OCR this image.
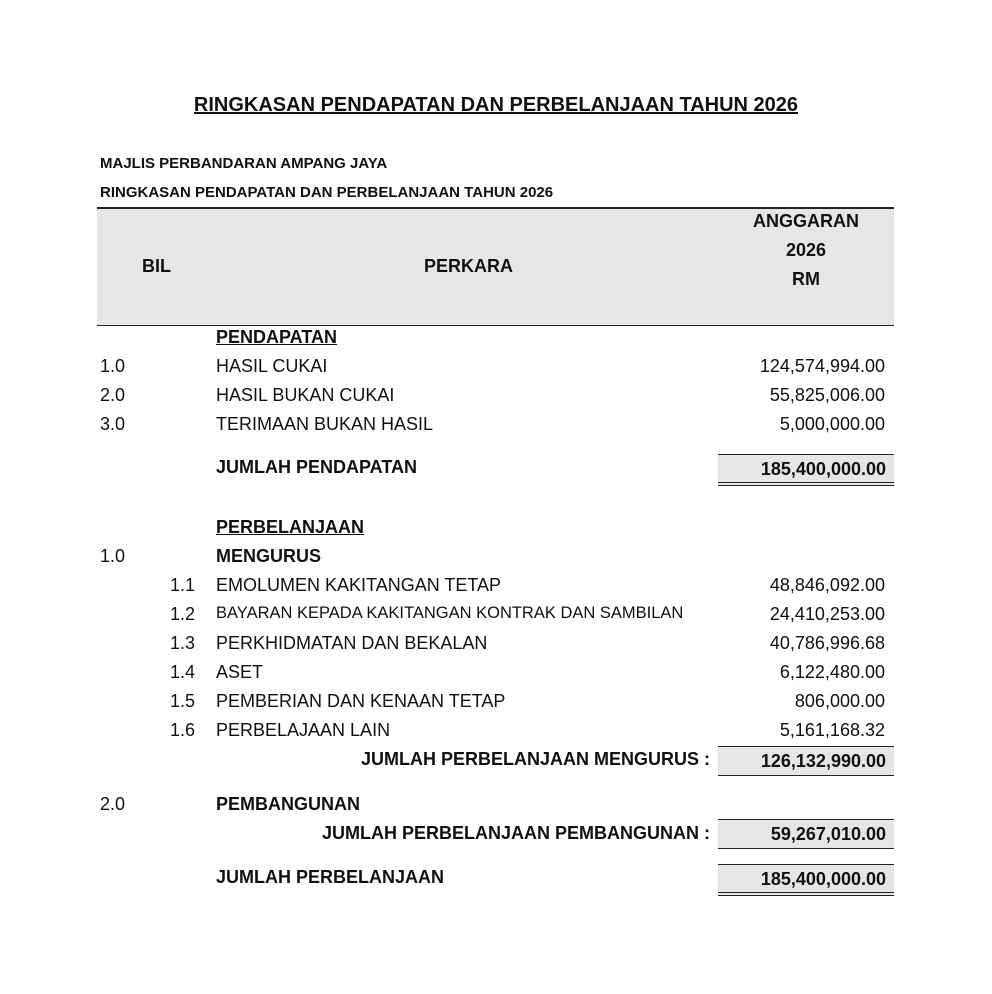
RINGKASAN PENDAPATAN DAN PERBELANJAAN TAHUN 2026
MAJLIS PERBANDARAN AMPANG JAYA
RINGKASAN PENDAPATAN DAN PERBELANJAAN TAHUN 2026
BIL	PERKARA
ANGGARAN
2026
RM
PENDAPATAN
1.0	HASIL CUKAI	124,574,994.00
2.0	HASIL BUKAN CUKAI	55,825,006.00
3.0	TERIMAAN BUKAN HASIL	5,000,000.00
JUMLAH PENDAPATAN	185,400,000.00
PERBELANJAAN
1.0	MENGURUS
1.1 EMOLUMEN KAKITANGAN TETAP	48,846,092.00
1.2 BAYARAN KEPADA KAKITANGAN KONTRAK DAN SAMBILAN	24,410,253.00
1.3 PERKHIDMATAN DAN BEKALAN	40,786,996.68
1.4 ASET	6,122,480.00
1.5 PEMBERIAN DAN KENAAN TETAP	806,000.00
1.6 PERBELAJAAN LAIN	5,161,168.32
JUMLAH PERBELANJAAN MENGURUS :	126,132,990.00
2.0	PEMBANGUNAN
JUMLAH PERBELANJAAN PEMBANGUNAN :	59,267,010.00
JUMLAH PERBELANJAAN	185,400,000.00
